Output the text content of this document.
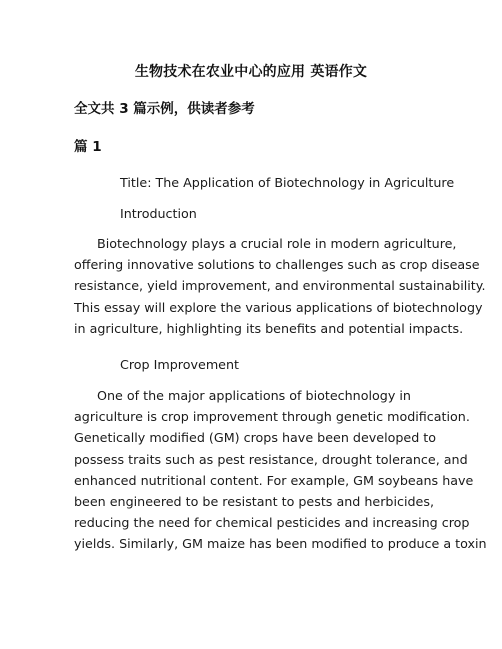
生物技术在农业中心的应用 英语作文
全文共 3 篇示例，供读者参考
篇 1
Title: The Application of Biotechnology in Agriculture
Introduction
Biotechnology plays a crucial role in modern agriculture,
offering innovative solutions to challenges such as crop disease
resistance, yield improvement, and environmental sustainability.
This essay will explore the various applications of biotechnology
in agriculture, highlighting its benefits and potential impacts.
Crop Improvement
One of the major applications of biotechnology in
agriculture is crop improvement through genetic modification.
Genetically modified (GM) crops have been developed to
possess traits such as pest resistance, drought tolerance, and
enhanced nutritional content. For example, GM soybeans have
been engineered to be resistant to pests and herbicides,
reducing the need for chemical pesticides and increasing crop
yields. Similarly, GM maize has been modified to produce a toxin
